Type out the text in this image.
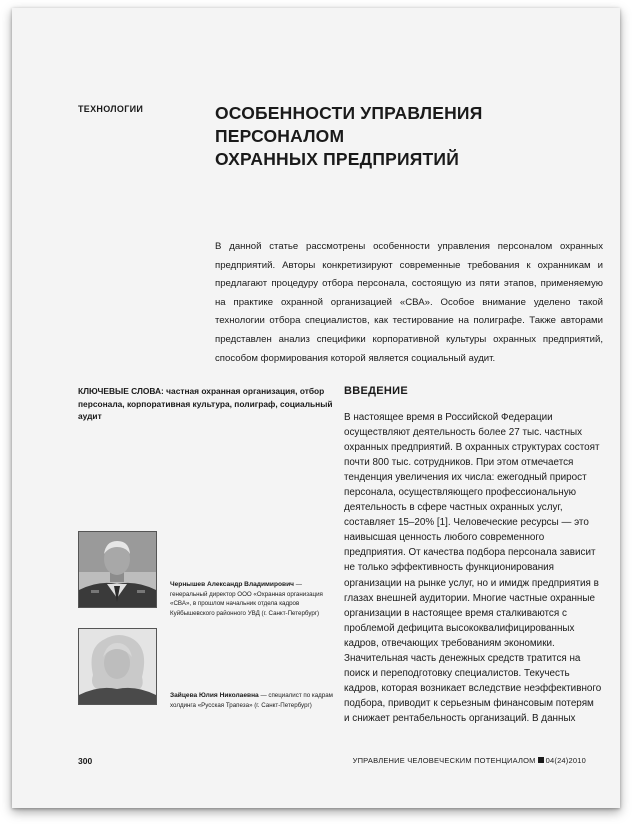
ТЕХНОЛОГИИ	ОСОБЕННОСТИ УПРАВЛЕНИЯ ПЕРСОНАЛОМ
ОХРАННЫХ ПРЕДПРИЯТИЙ
В данной статье рассмотрены особенности управления персоналом охранных предприятий. Авторы конкретизируют современные требования к охранникам и предлагают процедуру отбора персонала, состоящую из пяти этапов, применяемую на практике охранной организацией «СВА». Особое внимание уделено такой технологии отбора специалистов, как тестирование на полиграфе. Также авторами представлен анализ специфики корпоративной культуры охранных предприятий, способом формирования которой является социальный аудит.
КЛЮЧЕВЫЕ СЛОВА: частная охранная организация, отбор персонала, корпоративная культура, полиграф, социальный аудит
ВВЕДЕНИЕ
В настоящее время в Российской Федерации осуществляют деятельность более 27 тыс. частных охранных предприятий. В охранных структурах состоят почти 800 тыс. сотрудников. При этом отмечается тенденция увеличения их числа: ежегодный прирост персонала, осуществляющего профессиональную деятельность в сфере частных охранных услуг, составляет 15–20% [1]. Человеческие ресурсы — это наивысшая ценность любого современного предприятия. От качества подбора персонала зависит не только эффективность функционирования организации на рынке услуг, но и имидж предприятия в глазах внешней аудитории. Многие частные охранные организации в настоящее время сталкиваются с проблемой дефицита высококвалифицированных кадров, отвечающих требованиям экономики. Значительная часть денежных средств тратится на поиск и переподготовку специалистов. Текучесть кадров, которая возникает вследствие неэффективного подбора, приводит к серьезным финансовым потерям и снижает рентабельность организаций. В данных
Чернышев Александр Владимирович — генеральный директор ООО «Охранная организация «СВА», в прошлом начальник отдела кадров Куйбышевского районного УВД (г. Санкт-Петербург)
Зайцева Юлия Николаевна — специалист по кадрам холдинга «Русская Трапеза» (г. Санкт-Петербург)
300	УПРАВЛЕНИЕ ЧЕЛОВЕЧЕСКИМ ПОТЕНЦИАЛОМ 04(24)2010
